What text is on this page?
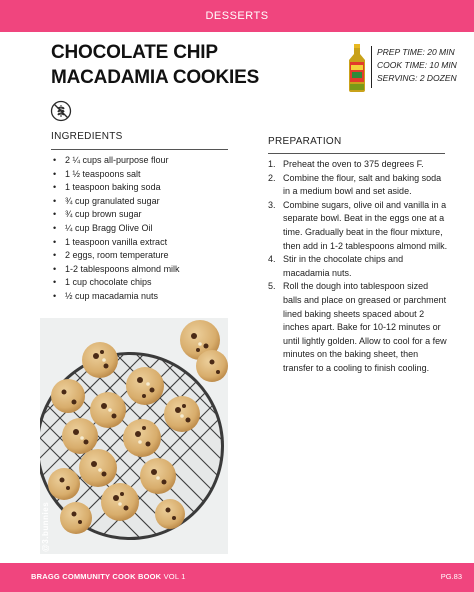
DESSERTS
CHOCOLATE CHIP
MACADAMIA COOKIES
PREP TIME: 20 MIN
COOK TIME: 10 MIN
SERVING: 2 DOZEN
INGREDIENTS
• 2 ¼ cups all-purpose flour
• 1 ½ teaspoons salt
• 1 teaspoon baking soda
• ¾ cup granulated sugar
• ¾ cup brown sugar
• ¼ cup Bragg Olive Oil
• 1 teaspoon vanilla extract
• 2 eggs, room temperature
• 1-2 tablespoons almond milk
• 1 cup chocolate chips
• ½ cup macadamia nuts
PREPARATION
1. Preheat the oven to 375 degrees F.
2. Combine the flour, salt and baking soda in a medium bowl and set aside.
3. Combine sugars, olive oil and vanilla in a separate bowl. Beat in the eggs one at a time. Gradually beat in the flour mixture, then add in 1-2 tablespoons almond milk.
4. Stir in the chocolate chips and macadamia nuts.
5. Roll the dough into tablespoon sized balls and place on greased or parchment lined baking sheets spaced about 2 inches apart. Bake for 10-12 minutes or until lightly golden. Allow to cool for a few minutes on the baking sheet, then transfer to a cooling to finish cooling.
@3.bunnies
BRAGG COMMUNITY COOK BOOK VOL 1	PG.83
